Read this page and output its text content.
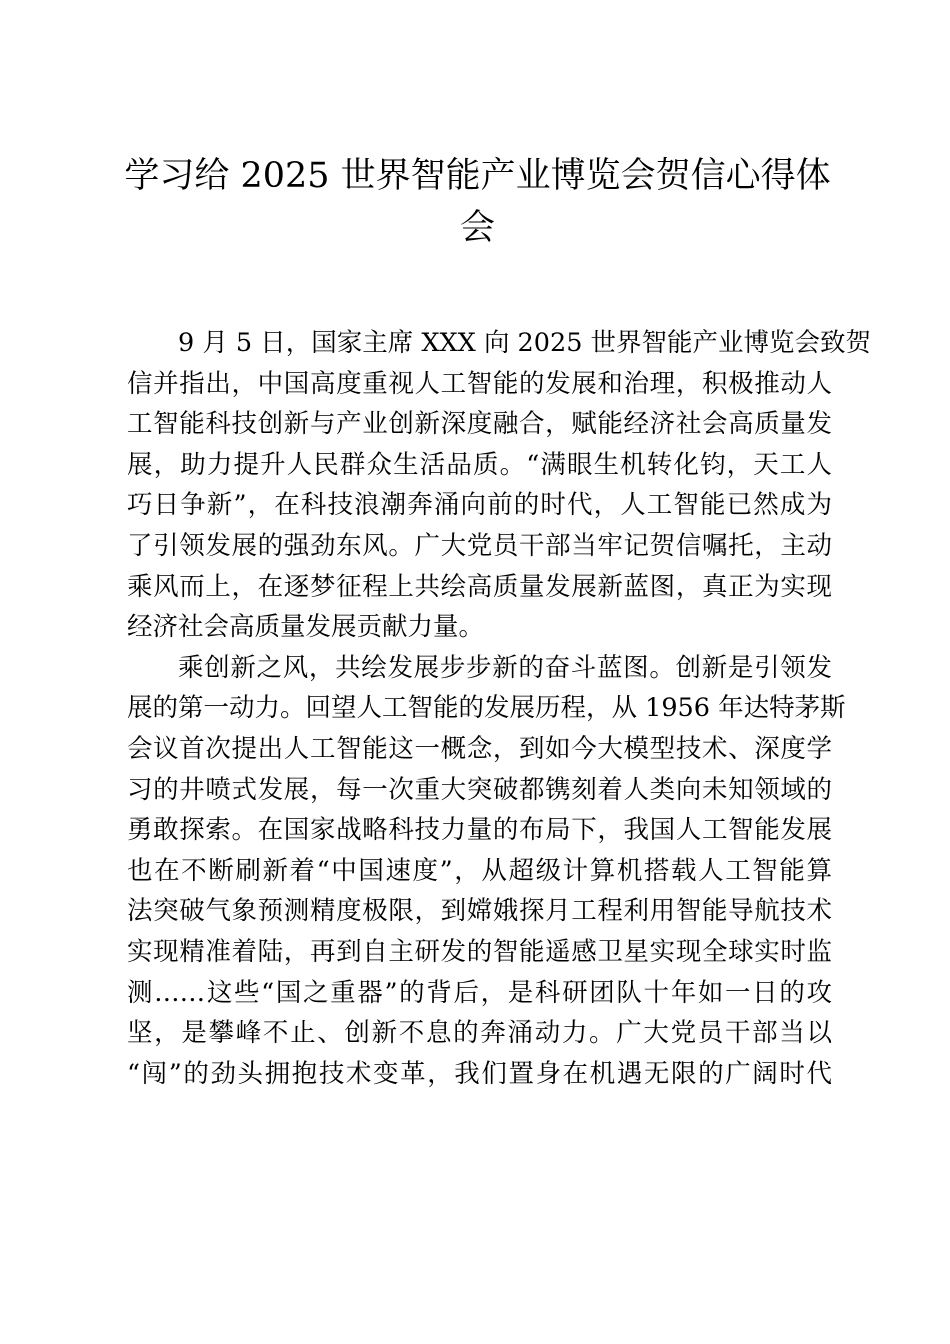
学习给 2025 世界智能产业博览会贺信心得体
会
9 月 5 日，国家主席 XXX 向 2025 世界智能产业博览会致贺
信并指出，中国高度重视人工智能的发展和治理，积极推动人
工智能科技创新与产业创新深度融合，赋能经济社会高质量发
展，助力提升人民群众生活品质。“满眼生机转化钧，天工人
巧日争新”，在科技浪潮奔涌向前的时代，人工智能已然成为
了引领发展的强劲东风。广大党员干部当牢记贺信嘱托，主动
乘风而上，在逐梦征程上共绘高质量发展新蓝图，真正为实现
经济社会高质量发展贡献力量。
乘创新之风，共绘发展步步新的奋斗蓝图。创新是引领发
展的第一动力。回望人工智能的发展历程，从 1956 年达特茅斯
会议首次提出人工智能这一概念，到如今大模型技术、深度学
习的井喷式发展，每一次重大突破都镌刻着人类向未知领域的
勇敢探索。在国家战略科技力量的布局下，我国人工智能发展
也在不断刷新着“中国速度”，从超级计算机搭载人工智能算
法突破气象预测精度极限，到嫦娥探月工程利用智能导航技术
实现精准着陆，再到自主研发的智能遥感卫星实现全球实时监
测……这些“国之重器”的背后，是科研团队十年如一日的攻
坚，是攀峰不止、创新不息的奔涌动力。广大党员干部当以
“闯”的劲头拥抱技术变革，我们置身在机遇无限的广阔时代
